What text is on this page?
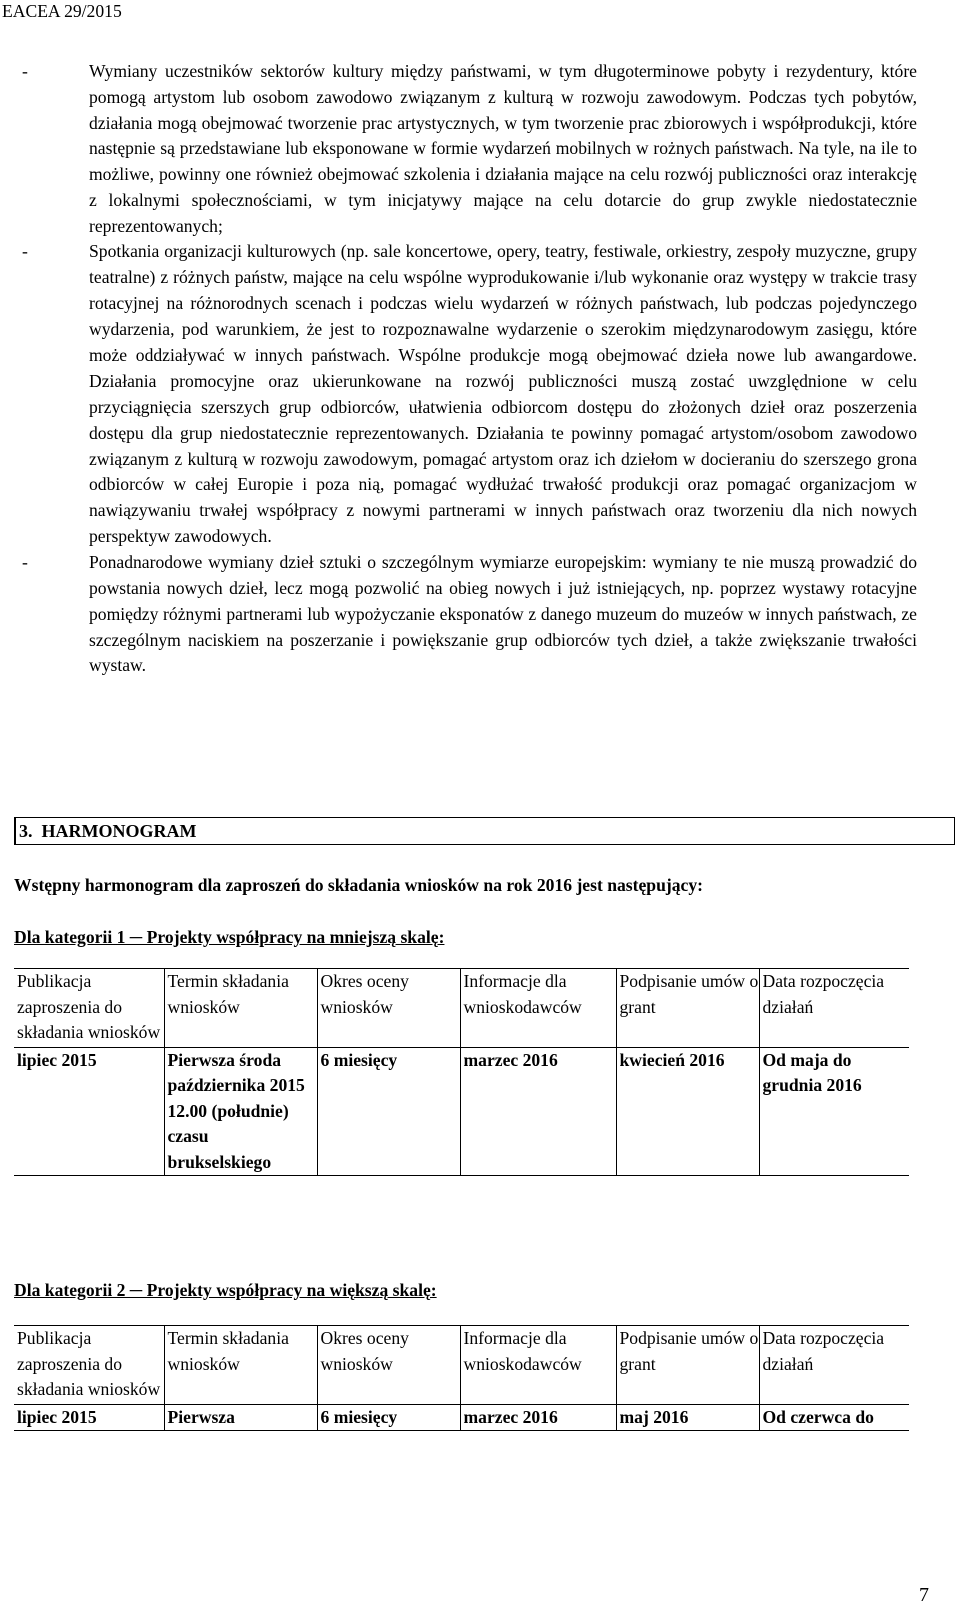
EACEA 29/2015
-	Wymiany uczestników sektorów kultury między państwami, w tym długoterminowe pobyty i rezydentury, które pomogą artystom lub osobom zawodowo związanym z kulturą w rozwoju zawodowym. Podczas tych pobytów, działania mogą obejmować tworzenie prac artystycznych, w tym tworzenie prac zbiorowych i współprodukcji, które następnie są przedstawiane lub eksponowane w formie wydarzeń mobilnych w rożnych państwach. Na tyle, na ile to możliwe, powinny one również obejmować szkolenia i działania mające na celu rozwój publiczności oraz interakcję z lokalnymi społecznościami, w tym inicjatywy mające na celu dotarcie do grup zwykle niedostatecznie reprezentowanych;
-	Spotkania organizacji kulturowych (np. sale koncertowe, opery, teatry, festiwale, orkiestry, zespoły muzyczne, grupy teatralne) z różnych państw, mające na celu wspólne wyprodukowanie i/lub wykonanie oraz występy w trakcie trasy rotacyjnej na różnorodnych scenach i podczas wielu wydarzeń w różnych państwach, lub podczas pojedynczego wydarzenia, pod warunkiem, że jest to rozpoznawalne wydarzenie o szerokim międzynarodowym zasięgu, które może oddziaływać w innych państwach. Wspólne produkcje mogą obejmować dzieła nowe lub awangardowe. Działania promocyjne oraz ukierunkowane na rozwój publiczności muszą zostać uwzględnione w celu przyciągnięcia szerszych grup odbiorców, ułatwienia odbiorcom dostępu do złożonych dzieł oraz poszerzenia dostępu dla grup niedostatecznie reprezentowanych. Działania te powinny pomagać artystom/osobom zawodowo związanym z kulturą w rozwoju zawodowym, pomagać artystom oraz ich dziełom w docieraniu do szerszego grona odbiorców w całej Europie i poza nią, pomagać wydłużać trwałość produkcji oraz pomagać organizacjom w nawiązywaniu trwałej współpracy z nowymi partnerami w innych państwach oraz tworzeniu dla nich nowych perspektyw zawodowych.
-	Ponadnarodowe wymiany dzieł sztuki o szczególnym wymiarze europejskim: wymiany te nie muszą prowadzić do powstania nowych dzieł, lecz mogą pozwolić na obieg nowych i już istniejących, np. poprzez wystawy rotacyjne pomiędzy różnymi partnerami lub wypożyczanie eksponatów z danego muzeum do muzeów w innych państwach, ze szczególnym naciskiem na poszerzanie i powiększanie grup odbiorców tych dzieł, a także zwiększanie trwałości wystaw.
3. HARMONOGRAM
Wstępny harmonogram dla zaproszeń do składania wniosków na rok 2016 jest następujący:
Dla kategorii 1 ─ Projekty współpracy na mniejszą skalę:
Publikacja zaproszenia do składania wniosków	Termin składania wniosków	Okres oceny wniosków	Informacje dla wnioskodawców	Podpisanie umów o grant	Data rozpoczęcia działań
lipiec 2015	Pierwsza środa października 2015 12.00 (południe) czasu brukselskiego	6 miesięcy	marzec 2016	kwiecień 2016	Od maja do grudnia 2016
Dla kategorii 2 ─ Projekty współpracy na większą skalę:
Publikacja zaproszenia do składania wniosków	Termin składania wniosków	Okres oceny wniosków	Informacje dla wnioskodawców	Podpisanie umów o grant	Data rozpoczęcia działań
lipiec 2015	Pierwsza	6 miesięcy	marzec 2016	maj 2016	Od czerwca do
7
